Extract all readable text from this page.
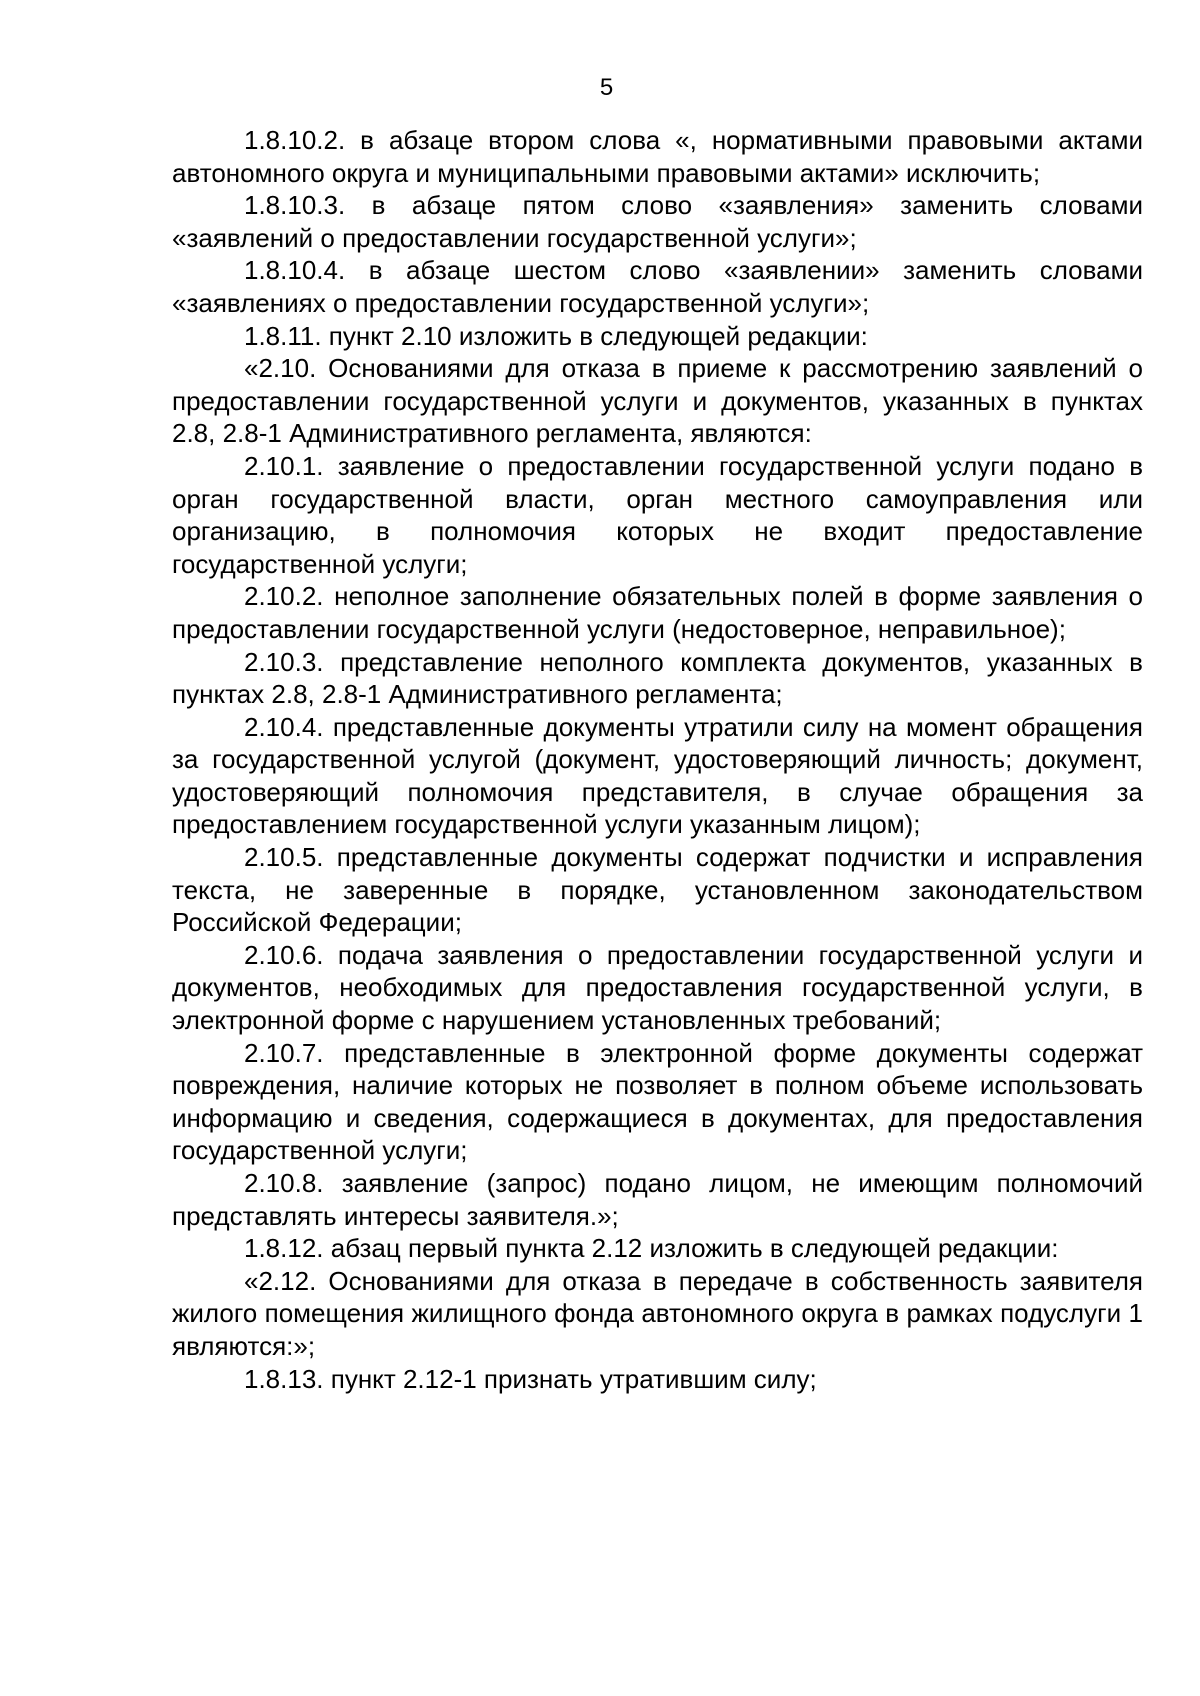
5

1.8.10.2. в абзаце втором слова «, нормативными правовыми актами автономного округа и муниципальными правовыми актами» исключить;

1.8.10.3. в абзаце пятом слово «заявления» заменить словами «заявлений о предоставлении государственной услуги»;

1.8.10.4. в абзаце шестом слово «заявлении» заменить словами «заявлениях о предоставлении государственной услуги»;

1.8.11. пункт 2.10 изложить в следующей редакции:

«2.10. Основаниями для отказа в приеме к рассмотрению заявлений о предоставлении государственной услуги и документов, указанных в пунктах 2.8, 2.8-1 Административного регламента, являются:

2.10.1. заявление о предоставлении государственной услуги подано в орган государственной власти, орган местного самоуправления или организацию, в полномочия которых не входит предоставление государственной услуги;

2.10.2. неполное заполнение обязательных полей в форме заявления о предоставлении государственной услуги (недостоверное, неправильное);

2.10.3. представление неполного комплекта документов, указанных в пунктах 2.8, 2.8-1 Административного регламента;

2.10.4. представленные документы утратили силу на момент обращения за государственной услугой (документ, удостоверяющий личность; документ, удостоверяющий полномочия представителя, в случае обращения за предоставлением государственной услуги указанным лицом);

2.10.5. представленные документы содержат подчистки и исправления текста, не заверенные в порядке, установленном законодательством Российской Федерации;

2.10.6. подача заявления о предоставлении государственной услуги и документов, необходимых для предоставления государственной услуги, в электронной форме с нарушением установленных требований;

2.10.7. представленные в электронной форме документы содержат повреждения, наличие которых не позволяет в полном объеме использовать информацию и сведения, содержащиеся в документах, для предоставления государственной услуги;

2.10.8. заявление (запрос) подано лицом, не имеющим полномочий представлять интересы заявителя.»;

1.8.12. абзац первый пункта 2.12 изложить в следующей редакции:

«2.12. Основаниями для отказа в передаче в собственность заявителя жилого помещения жилищного фонда автономного округа в рамках подуслуги 1 являются:»;

1.8.13. пункт 2.12-1 признать утратившим силу;
